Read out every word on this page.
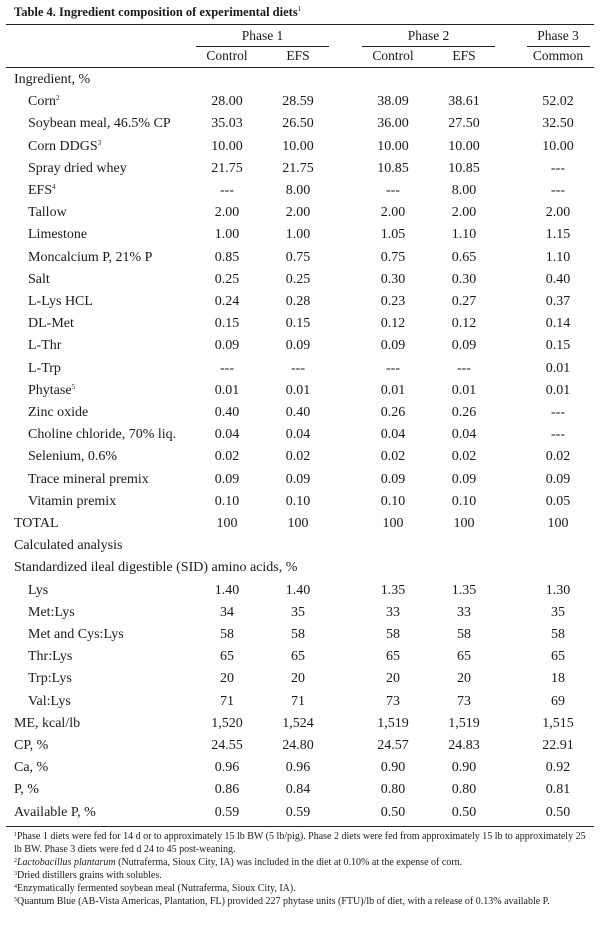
Table 4. Ingredient composition of experimental diets$^1$
Phase 1	Phase 2	Phase 3
Control	EFS	Control	EFS	Common
Ingredient, %
Corn$^2$	28.00	28.59	38.09	38.61	52.02
Soybean meal, 46.5% CP	35.03	26.50	36.00	27.50	32.50
Corn DDGS$^3$	10.00	10.00	10.00	10.00	10.00
Spray dried whey	21.75	21.75	10.85	10.85	---
EFS$^4$	---	8.00	---	8.00	---
Tallow	2.00	2.00	2.00	2.00	2.00
Limestone	1.00	1.00	1.05	1.10	1.15
Moncalcium P, 21% P	0.85	0.75	0.75	0.65	1.10
Salt	0.25	0.25	0.30	0.30	0.40
L-Lys HCL	0.24	0.28	0.23	0.27	0.37
DL-Met	0.15	0.15	0.12	0.12	0.14
L-Thr	0.09	0.09	0.09	0.09	0.15
L-Trp	---	---	---	---	0.01
Phytase$^5$	0.01	0.01	0.01	0.01	0.01
Zinc oxide	0.40	0.40	0.26	0.26	---
Choline chloride, 70% liq.	0.04	0.04	0.04	0.04	---
Selenium, 0.6%	0.02	0.02	0.02	0.02	0.02
Trace mineral premix	0.09	0.09	0.09	0.09	0.09
Vitamin premix	0.10	0.10	0.10	0.10	0.05
TOTAL	100	100	100	100	100
Calculated analysis
Standardized ileal digestible (SID) amino acids, %
Lys	1.40	1.40	1.35	1.35	1.30
Met:Lys	34	35	33	33	35
Met and Cys:Lys	58	58	58	58	58
Thr:Lys	65	65	65	65	65
Trp:Lys	20	20	20	20	18
Val:Lys	71	71	73	73	69
ME, kcal/lb	1,520	1,524	1,519	1,519	1,515
CP, %	24.55	24.80	24.57	24.83	22.91
Ca, %	0.96	0.96	0.90	0.90	0.92
P, %	0.86	0.84	0.80	0.80	0.81
Available P, %	0.59	0.59	0.50	0.50	0.50
$^1$Phase 1 diets were fed for 14 d or to approximately 15 lb BW (5 lb/pig). Phase 2 diets were fed from approximately 15 lb to approximately 25 lb BW. Phase 3 diets were fed d 24 to 45 post-weaning.
$^2$Lactobacillus plantarum (Nutraferma, Sioux City, IA) was included in the diet at 0.10% at the expense of corn.
$^3$Dried distillers grains with solubles.
$^4$Enzymatically fermented soybean meal (Nutraferma, Sioux City, IA).
$^5$Quantum Blue (AB-Vista Americas, Plantation, FL) provided 227 phytase units (FTU)/lb of diet, with a release of 0.13% available P.
